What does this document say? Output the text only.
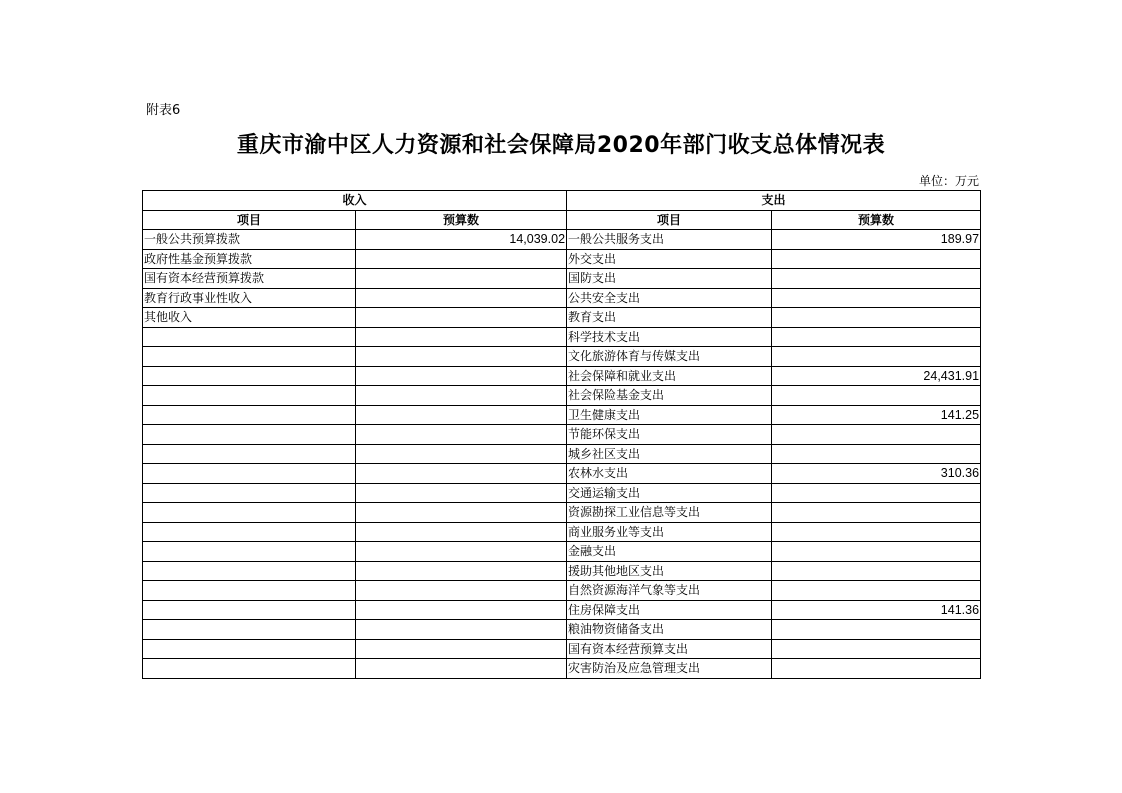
附表6
重庆市渝中区人力资源和社会保障局2020年部门收支总体情况表
单位：万元
收入		支出	
项目	预算数	项目	预算数
一般公共预算拨款	14,039.02	一般公共服务支出	189.97
政府性基金预算拨款		外交支出	
国有资本经营预算拨款		国防支出	
教育行政事业性收入		公共安全支出	
其他收入		教育支出	
		科学技术支出	
		文化旅游体育与传媒支出	
		社会保障和就业支出	24,431.91
		社会保险基金支出	
		卫生健康支出	141.25
		节能环保支出	
		城乡社区支出	
		农林水支出	310.36
		交通运输支出	
		资源勘探工业信息等支出	
		商业服务业等支出	
		金融支出	
		援助其他地区支出	
		自然资源海洋气象等支出	
		住房保障支出	141.36
		粮油物资储备支出	
		国有资本经营预算支出	
		灾害防治及应急管理支出	
